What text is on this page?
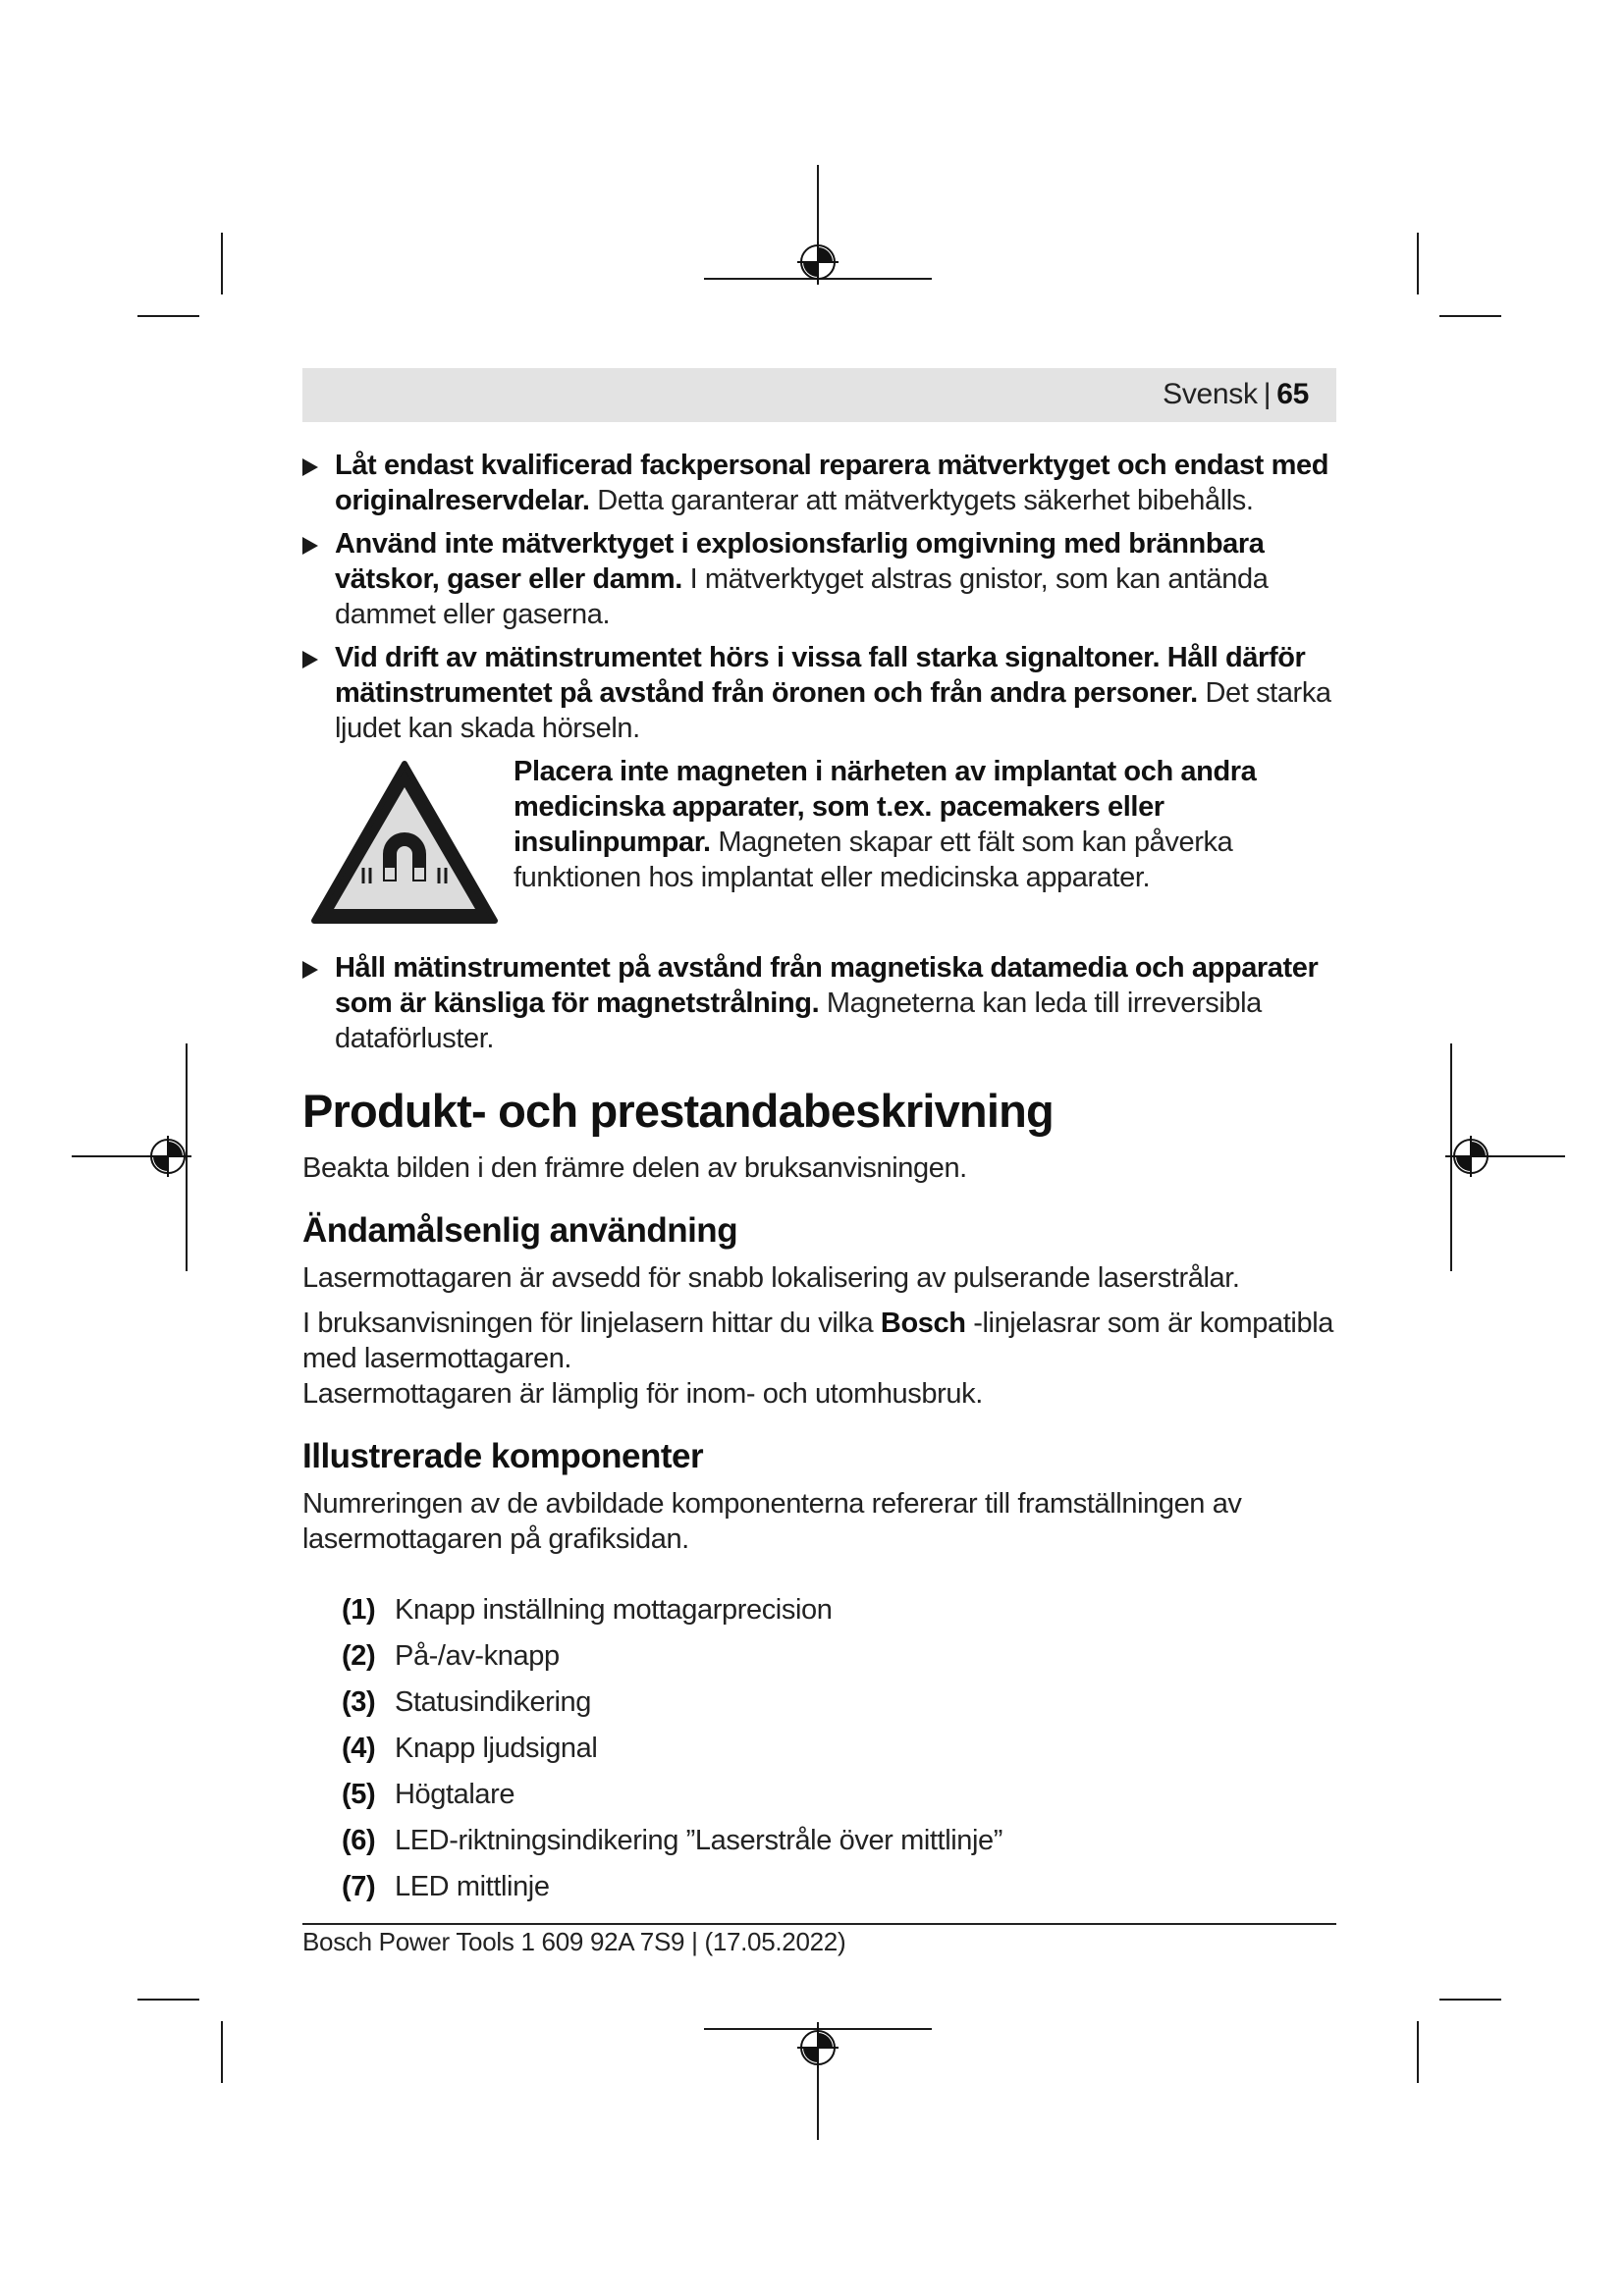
Svensk | 65
Låt endast kvalificerad fackpersonal reparera mätverktyget och endast med originalreservdelar. Detta garanterar att mätverktygets säkerhet bibehålls.
Använd inte mätverktyget i explosionsfarlig omgivning med brännbara vätskor, gaser eller damm. I mätverktyget alstras gnistor, som kan antända dammet eller gaserna.
Vid drift av mätinstrumentet hörs i vissa fall starka signaltoner. Håll därför mätinstrumentet på avstånd från öronen och från andra personer. Det starka ljudet kan skada hörseln.
Placera inte magneten i närheten av implantat och andra medicinska apparater, som t.ex. pacemakers eller insulinpumpar. Magneten skapar ett fält som kan påverka funktionen hos implantat eller medicinska apparater.
Håll mätinstrumentet på avstånd från magnetiska datamedia och apparater som är känsliga för magnetstrålning. Magneterna kan leda till irreversibla dataförluster.
Produkt- och prestandabeskrivning

Beakta bilden i den främre delen av bruksanvisningen.

Ändamålsenlig användning

Lasermottagaren är avsedd för snabb lokalisering av pulserande laserstrålar.

I bruksanvisningen för linjelasern hittar du vilka Bosch -linjelasrar som är kompatibla med lasermottagaren.

Lasermottagaren är lämplig för inom- och utomhusbruk.

Illustrerade komponenter

Numreringen av de avbildade komponenterna refererar till framställningen av lasermottagaren på grafiksidan.

(1) Knapp inställning mottagarprecision
(2) På-/av-knapp
(3) Statusindikering
(4) Knapp ljudsignal
(5) Högtalare
(6) LED-riktningsindikering ”Laserstråle över mittlinje”
(7) LED mittlinje
Bosch Power Tools 1 609 92A 7S9 | (17.05.2022)
